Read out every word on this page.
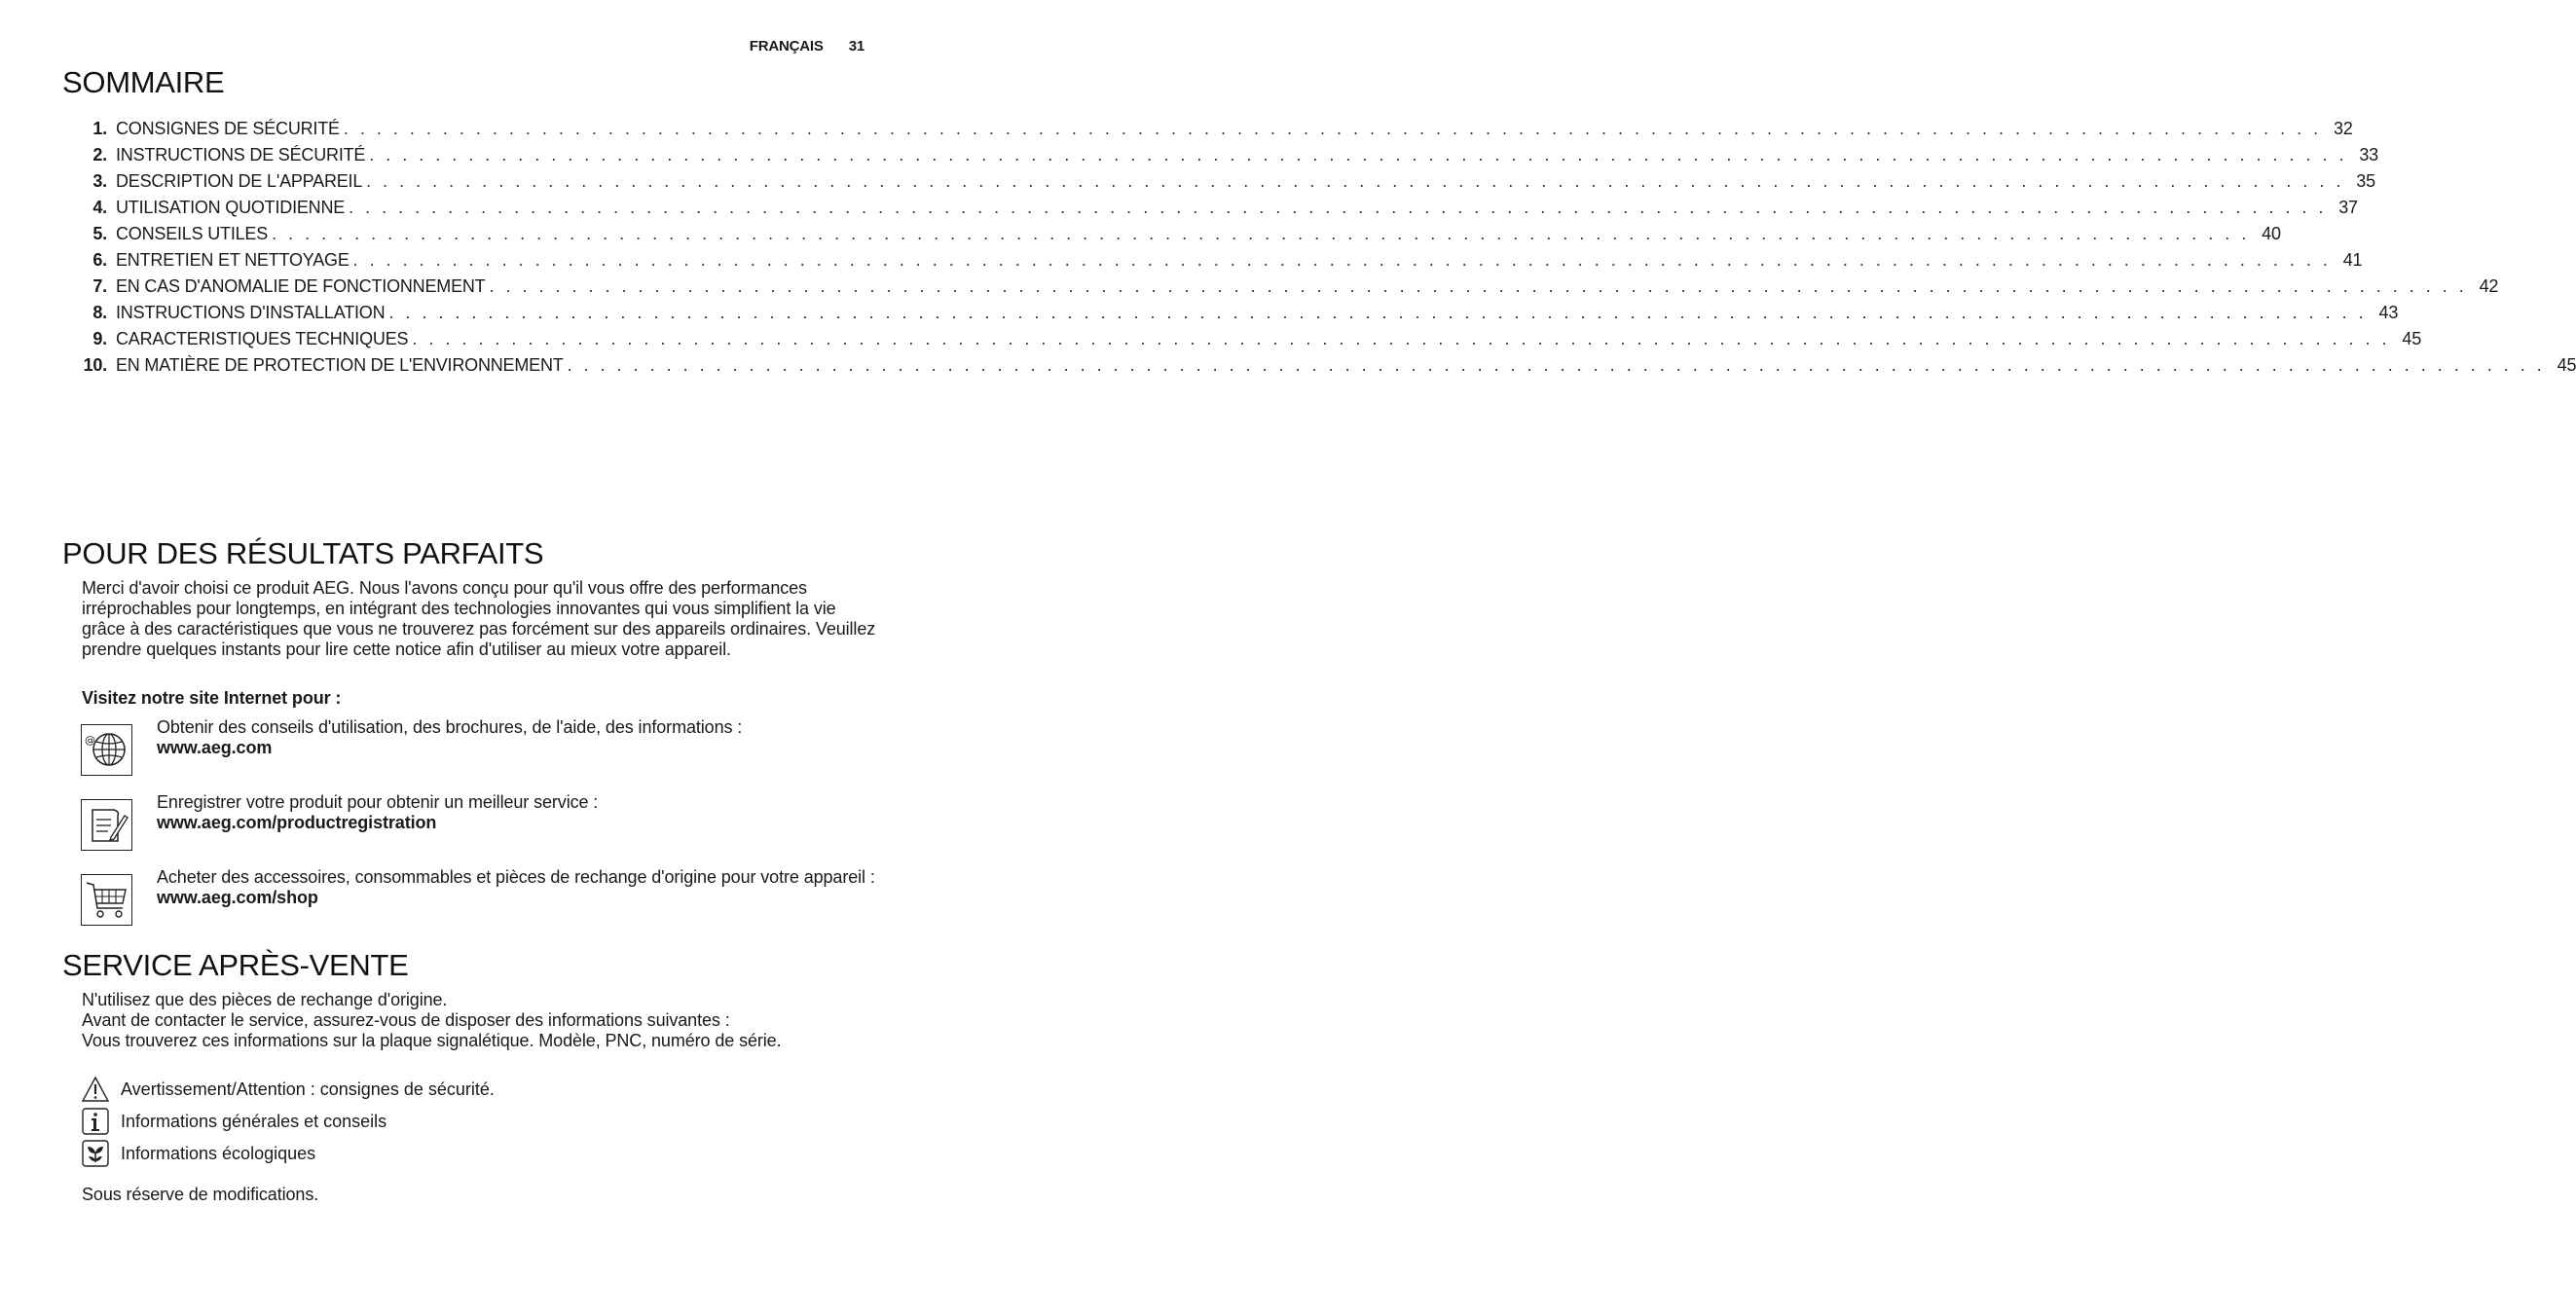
FRANÇAIS 31
SOMMAIRE
1. CONSIGNES DE SÉCURITÉ . . . . . . . . . . . . . . . . . . . . . . . . . . . . . . . . . . . . . . . . . . . . . . . . . . . . . . . . . . . . . . . . . . . . . . . . . . . . . . . . . . . . . . . . . . . . . . . . . . . . . . . . . . . . . . . . . . . . . . . . 32
2. INSTRUCTIONS DE SÉCURITÉ . . . . . . . . . . . . . . . . . . . . . . . . . . . . . . . . . . . . . . . . . . . . . . . . . . . . . . . . . . . . . . . . . . . . . . . . . . . . . . . . . . . . . . . . . . . . . . . . . . . . . . . . . . . . . . . . . . . . . . . . 33
3. DESCRIPTION DE L'APPAREIL . . . . . . . . . . . . . . . . . . . . . . . . . . . . . . . . . . . . . . . . . . . . . . . . . . . . . . . . . . . . . . . . . . . . . . . . . . . . . . . . . . . . . . . . . . . . . . . . . . . . . . . . . . . . . . . . . . . . . . . . 35
4. UTILISATION QUOTIDIENNE . . . . . . . . . . . . . . . . . . . . . . . . . . . . . . . . . . . . . . . . . . . . . . . . . . . . . . . . . . . . . . . . . . . . . . . . . . . . . . . . . . . . . . . . . . . . . . . . . . . . . . . . . . . . . . . . . . . . . . . . 37
5. CONSEILS UTILES . . . . . . . . . . . . . . . . . . . . . . . . . . . . . . . . . . . . . . . . . . . . . . . . . . . . . . . . . . . . . . . . . . . . . . . . . . . . . . . . . . . . . . . . . . . . . . . . . . . . . . . . . . . . . . . . . . . . . . . . 40
6. ENTRETIEN ET NETTOYAGE . . . . . . . . . . . . . . . . . . . . . . . . . . . . . . . . . . . . . . . . . . . . . . . . . . . . . . . . . . . . . . . . . . . . . . . . . . . . . . . . . . . . . . . . . . . . . . . . . . . . . . . . . . . . . . . . . . . . . . . . 41
7. EN CAS D'ANOMALIE DE FONCTIONNEMENT . . . . . . . . . . . . . . . . . . . . . . . . . . . . . . . . . . . . . . . . . . . . . . . . . . . . . . . . . . . . . . . . . . . . . . . . . . . . . . . . . . . . . . . . . . . . . . . . . . . . . . . . . . . . . . . . . . . . . . . . 42
8. INSTRUCTIONS D'INSTALLATION . . . . . . . . . . . . . . . . . . . . . . . . . . . . . . . . . . . . . . . . . . . . . . . . . . . . . . . . . . . . . . . . . . . . . . . . . . . . . . . . . . . . . . . . . . . . . . . . . . . . . . . . . . . . . . . . . . . . . . . . 43
9. CARACTERISTIQUES TECHNIQUES . . . . . . . . . . . . . . . . . . . . . . . . . . . . . . . . . . . . . . . . . . . . . . . . . . . . . . . . . . . . . . . . . . . . . . . . . . . . . . . . . . . . . . . . . . . . . . . . . . . . . . . . . . . . . . . . . . . . . . . . 45
10. EN MATIÈRE DE PROTECTION DE L'ENVIRONNEMENT . . . . . . . . . . . . . . . . . . . . . . . . . . . . . . . . . . . . . . . . . . . . . . . . . . . . . . . . . . . . . . . . . . . . . . . . . . . . . . . . . . . . . . . . . . . . . . . . . . . . . . . . . . . . . . . . . . . . . . . . 45
POUR DES RÉSULTATS PARFAITS
Merci d'avoir choisi ce produit AEG. Nous l'avons conçu pour qu'il vous offre des performances irréprochables pour longtemps, en intégrant des technologies innovantes qui vous simplifient la vie grâce à des caractéristiques que vous ne trouverez pas forcément sur des appareils ordinaires. Veuillez prendre quelques instants pour lire cette notice afin d'utiliser au mieux votre appareil.
Visitez notre site Internet pour :
@
Obtenir des conseils d'utilisation, des brochures, de l'aide, des informations :
www.aeg.com
Enregistrer votre produit pour obtenir un meilleur service :
www.aeg.com/productregistration
Acheter des accessoires, consommables et pièces de rechange d'origine pour votre appareil :
www.aeg.com/shop
SERVICE APRÈS-VENTE
N'utilisez que des pièces de rechange d'origine.
Avant de contacter le service, assurez-vous de disposer des informations suivantes :
Vous trouverez ces informations sur la plaque signalétique. Modèle, PNC, numéro de série.
Avertissement/Attention : consignes de sécurité.
Informations générales et conseils
Informations écologiques
Sous réserve de modifications.
